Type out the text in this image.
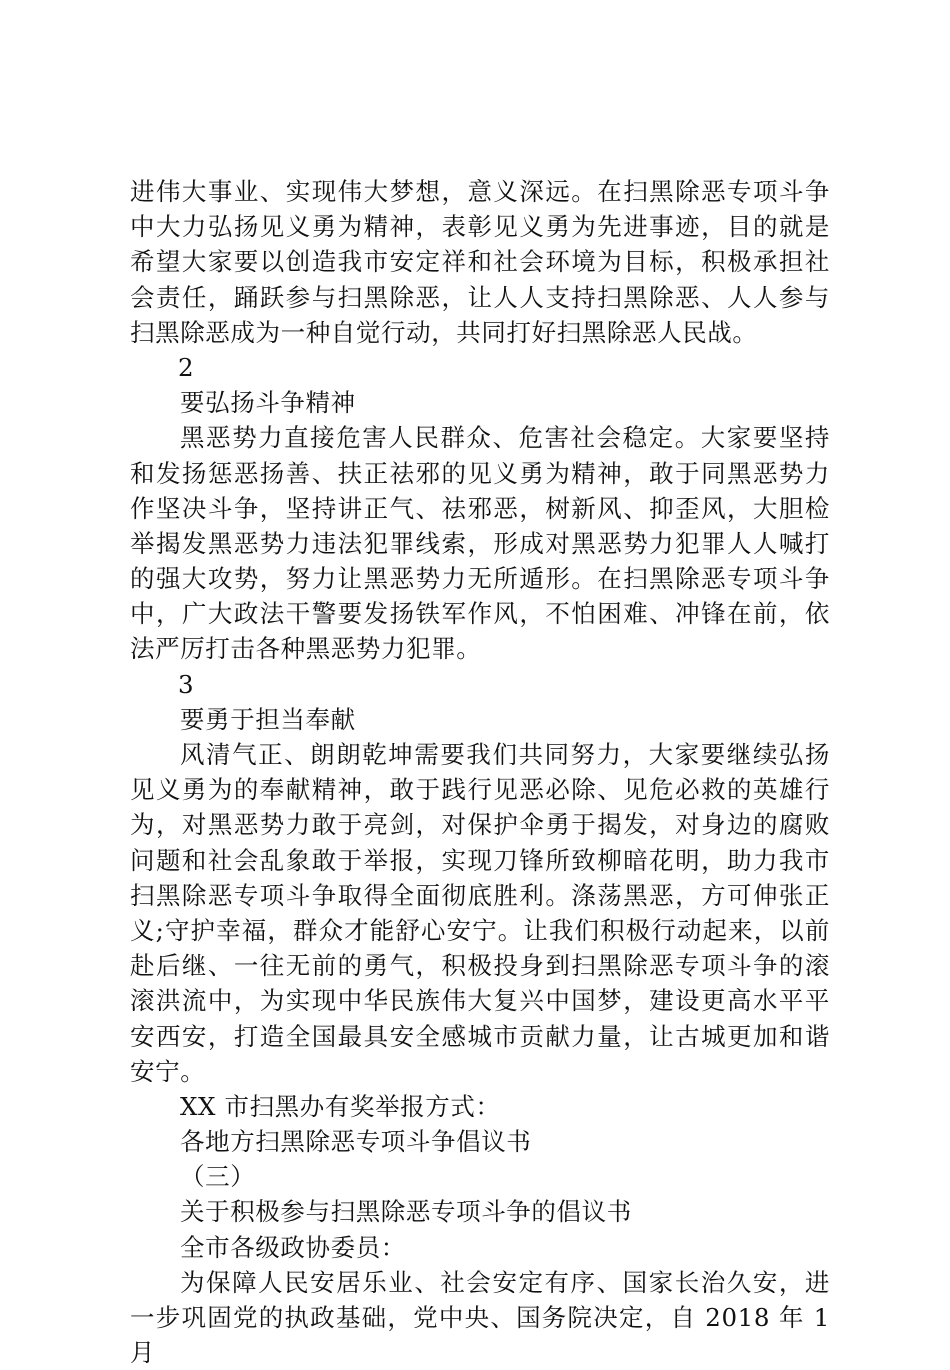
进伟大事业、实现伟大梦想，意义深远。在扫黑除恶专项斗争
中大力弘扬见义勇为精神，表彰见义勇为先进事迹，目的就是
希望大家要以创造我市安定祥和社会环境为目标，积极承担社
会责任，踊跃参与扫黑除恶，让人人支持扫黑除恶、人人参与
扫黑除恶成为一种自觉行动，共同打好扫黑除恶人民战。
2
要弘扬斗争精神
黑恶势力直接危害人民群众、危害社会稳定。大家要坚持
和发扬惩恶扬善、扶正祛邪的见义勇为精神，敢于同黑恶势力
作坚决斗争，坚持讲正气、祛邪恶，树新风、抑歪风，大胆检
举揭发黑恶势力违法犯罪线索，形成对黑恶势力犯罪人人喊打
的强大攻势，努力让黑恶势力无所遁形。在扫黑除恶专项斗争
中，广大政法干警要发扬铁军作风，不怕困难、冲锋在前，依
法严厉打击各种黑恶势力犯罪。
3
要勇于担当奉献
风清气正、朗朗乾坤需要我们共同努力，大家要继续弘扬
见义勇为的奉献精神，敢于践行见恶必除、见危必救的英雄行
为，对黑恶势力敢于亮剑，对保护伞勇于揭发，对身边的腐败
问题和社会乱象敢于举报，实现刀锋所致柳暗花明，助力我市
扫黑除恶专项斗争取得全面彻底胜利。涤荡黑恶，方可伸张正
义;守护幸福，群众才能舒心安宁。让我们积极行动起来，以前
赴后继、一往无前的勇气，积极投身到扫黑除恶专项斗争的滚
滚洪流中，为实现中华民族伟大复兴中国梦，建设更高水平平
安西安，打造全国最具安全感城市贡献力量，让古城更加和谐
安宁。
XX 市扫黑办有奖举报方式：
各地方扫黑除恶专项斗争倡议书
（三）
关于积极参与扫黑除恶专项斗争的倡议书
全市各级政协委员：
为保障人民安居乐业、社会安定有序、国家长治久安，进
一步巩固党的执政基础，党中央、国务院决定，自 2018 年 1 月
